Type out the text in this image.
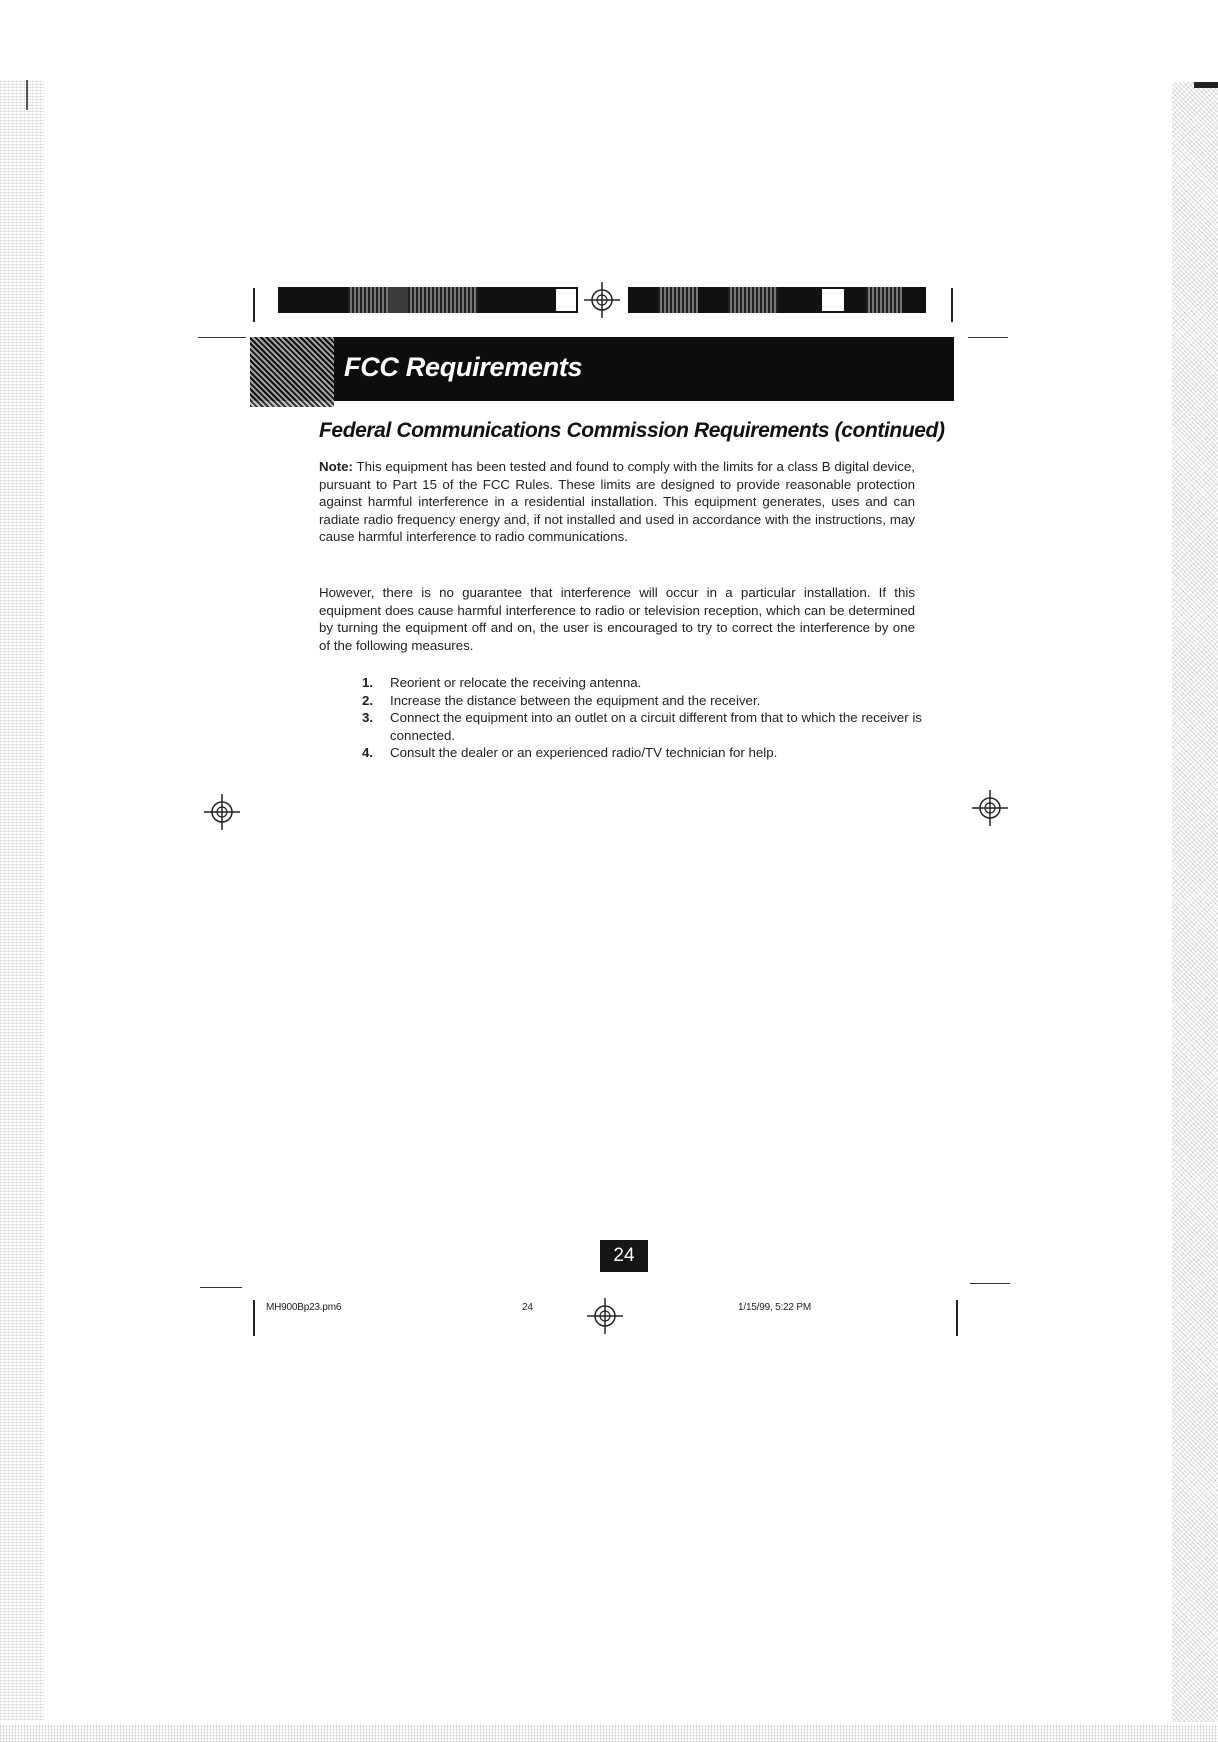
FCC Requirements
Federal Communications Commission Requirements (continued)
Note: This equipment has been tested and found to comply with the limits for a class B digital device, pursuant to Part 15 of the FCC Rules. These limits are designed to provide reasonable protection against harmful interference in a residential installation. This equipment generates, uses and can radiate radio frequency energy and, if not installed and used in accordance with the instructions, may cause harmful interference to radio communications.
However, there is no guarantee that interference will occur in a particular installation. If this equipment does cause harmful interference to radio or television reception, which can be determined by turning the equipment off and on, the user is encouraged to try to correct the interference by one of the following measures.
1. Reorient or relocate the receiving antenna.
2. Increase the distance between the equipment and the receiver.
3. Connect the equipment into an outlet on a circuit different from that to which the receiver is connected.
4. Consult the dealer or an experienced radio/TV technician for help.
24
MH900Bp23.pm6	24	1/15/99, 5:22 PM
